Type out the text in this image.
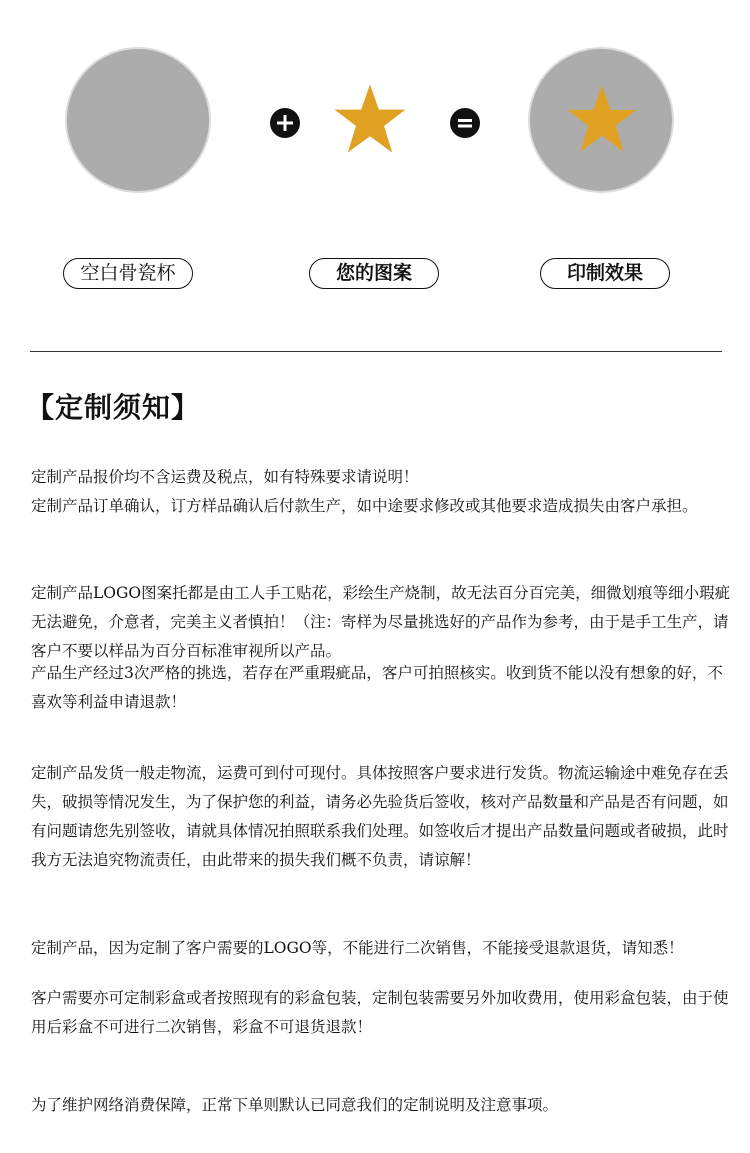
空白骨瓷杯	您的图案	印制效果
【定制须知】

定制产品报价均不含运费及税点，如有特殊要求请说明！

定制产品订单确认，订方样品确认后付款生产，如中途要求修改或其他要求造成损失由客户承担。

定制产品LOGO图案托都是由工人手工贴花，彩绘生产烧制，故无法百分百完美，细微划痕等细小瑕疵无法避免，介意者，完美主义者慎拍！（注：寄样为尽量挑选好的产品作为参考，由于是手工生产，请客户不要以样品为百分百标准审视所以产品。

产品生产经过3次严格的挑选，若存在严重瑕疵品，客户可拍照核实。收到货不能以没有想象的好，不喜欢等利益申请退款！

定制产品发货一般走物流，运费可到付可现付。具体按照客户要求进行发货。物流运输途中难免存在丢失，破损等情况发生，为了保护您的利益，请务必先验货后签收，核对产品数量和产品是否有问题，如有问题请您先别签收，请就具体情况拍照联系我们处理。如签收后才提出产品数量问题或者破损，此时我方无法追究物流责任，由此带来的损失我们概不负责，请谅解！

定制产品，因为定制了客户需要的LOGO等，不能进行二次销售，不能接受退款退货，请知悉！

客户需要亦可定制彩盒或者按照现有的彩盒包装，定制包装需要另外加收费用，使用彩盒包装，由于使用后彩盒不可进行二次销售，彩盒不可退货退款！

为了维护网络消费保障，正常下单则默认已同意我们的定制说明及注意事项。
